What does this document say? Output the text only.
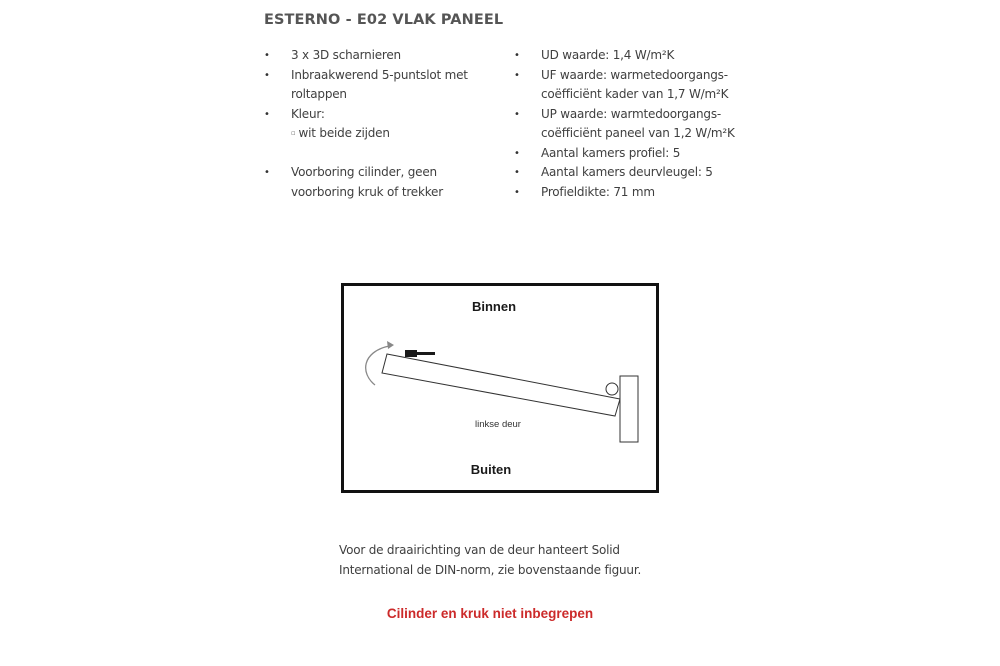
ESTERNO - E02 VLAK PANEEL
• 3 x 3D scharnieren
• Inbraakwerend 5-puntslot met roltappen
• Kleur:
▫ wit beide zijden
• Voorboring cilinder, geen voorboring kruk of trekker
• UD waarde: 1,4 W/m²K
• UF waarde: warmetedoorgangs-coëfficiënt kader van 1,7 W/m²K
• UP waarde: warmtedoorgangs-coëfficiënt paneel van 1,2 W/m²K
• Aantal kamers profiel: 5
• Aantal kamers deurvleugel: 5
• Profieldikte: 71 mm
Binnen
linkse deur
Buiten
Voor de draairichting van de deur hanteert Solid International de DIN-norm, zie bovenstaande figuur.
Cilinder en kruk niet inbegrepen
